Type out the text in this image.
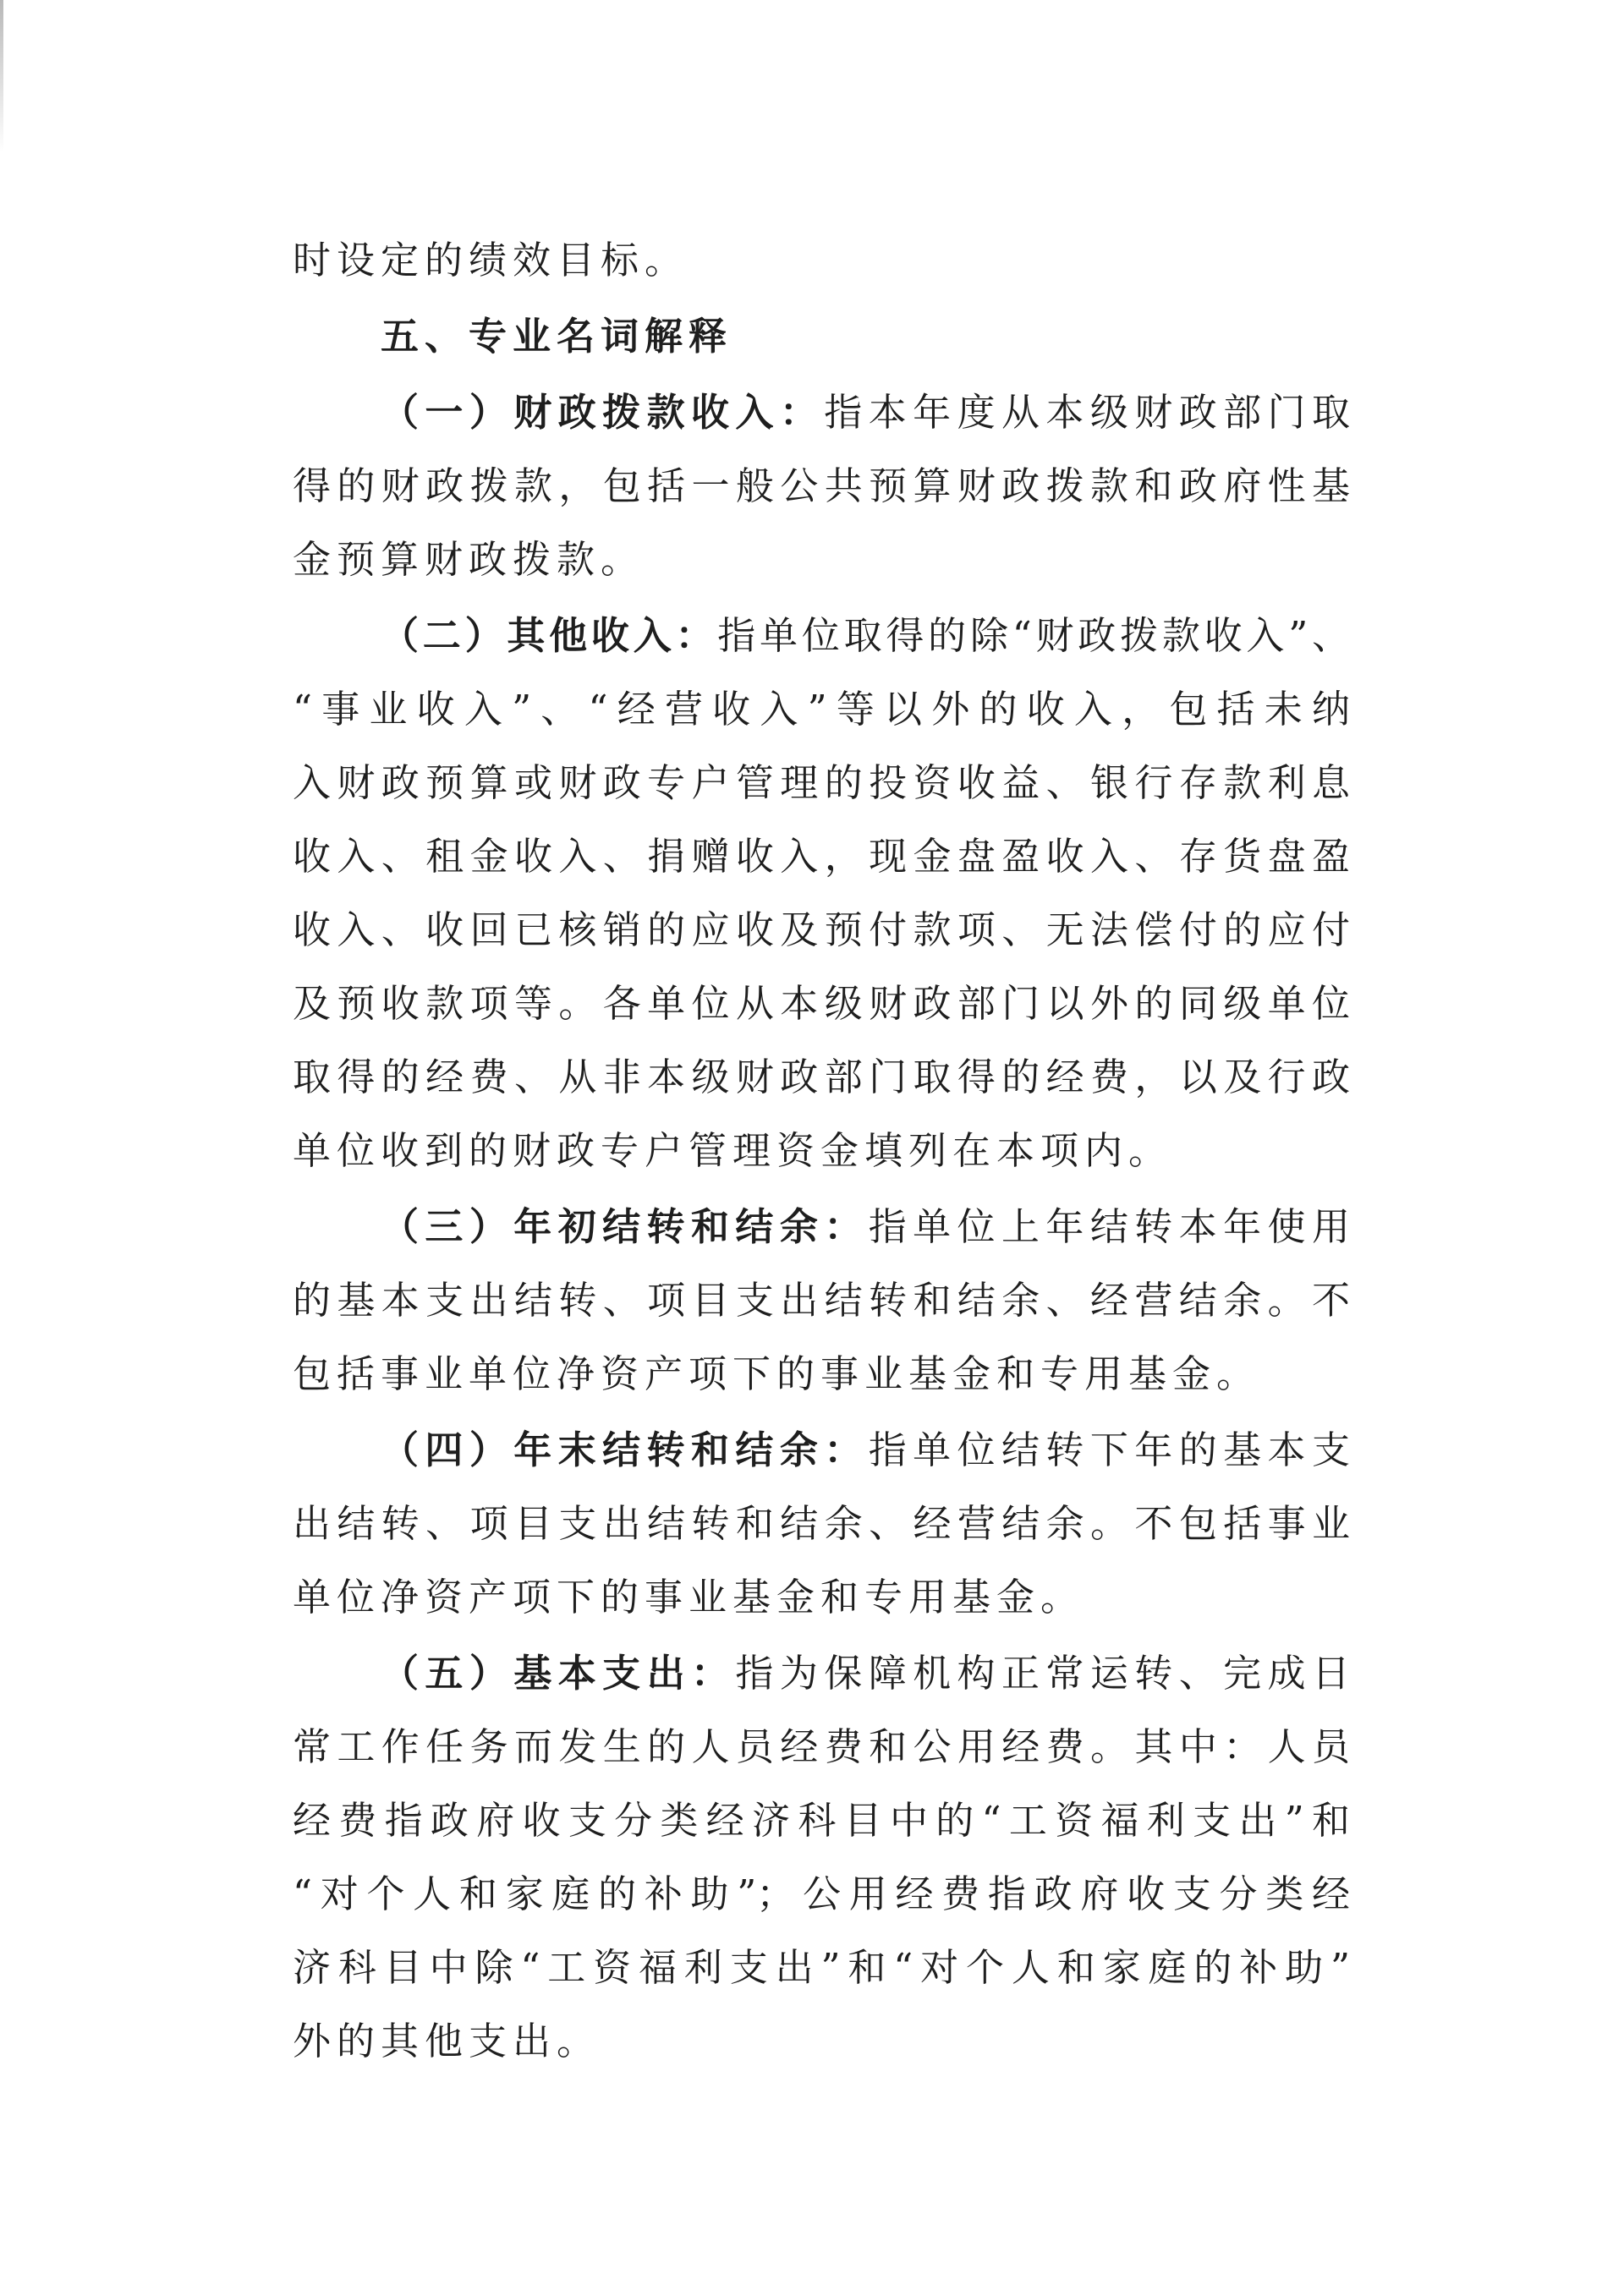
时设定的绩效目标。
五、专业名词解释
（一）财政拨款收入：指本年度从本级财政部门取
得的财政拨款，包括一般公共预算财政拨款和政府性基
金预算财政拨款。
（二）其他收入：指单位取得的除“财政拨款收入”、
“事业收入”、“经营收入”等以外的收入，包括未纳
入财政预算或财政专户管理的投资收益、银行存款利息
收入、租金收入、捐赠收入，现金盘盈收入、存货盘盈
收入、收回已核销的应收及预付款项、无法偿付的应付
及预收款项等。各单位从本级财政部门以外的同级单位
取得的经费、从非本级财政部门取得的经费，以及行政
单位收到的财政专户管理资金填列在本项内。
（三）年初结转和结余：指单位上年结转本年使用
的基本支出结转、项目支出结转和结余、经营结余。不
包括事业单位净资产项下的事业基金和专用基金。
（四）年末结转和结余：指单位结转下年的基本支
出结转、项目支出结转和结余、经营结余。不包括事业
单位净资产项下的事业基金和专用基金。
（五）基本支出：指为保障机构正常运转、完成日
常工作任务而发生的人员经费和公用经费。其中：人员
经费指政府收支分类经济科目中的“工资福利支出”和
“对个人和家庭的补助”；公用经费指政府收支分类经
济科目中除“工资福利支出”和“对个人和家庭的补助”
外的其他支出。
